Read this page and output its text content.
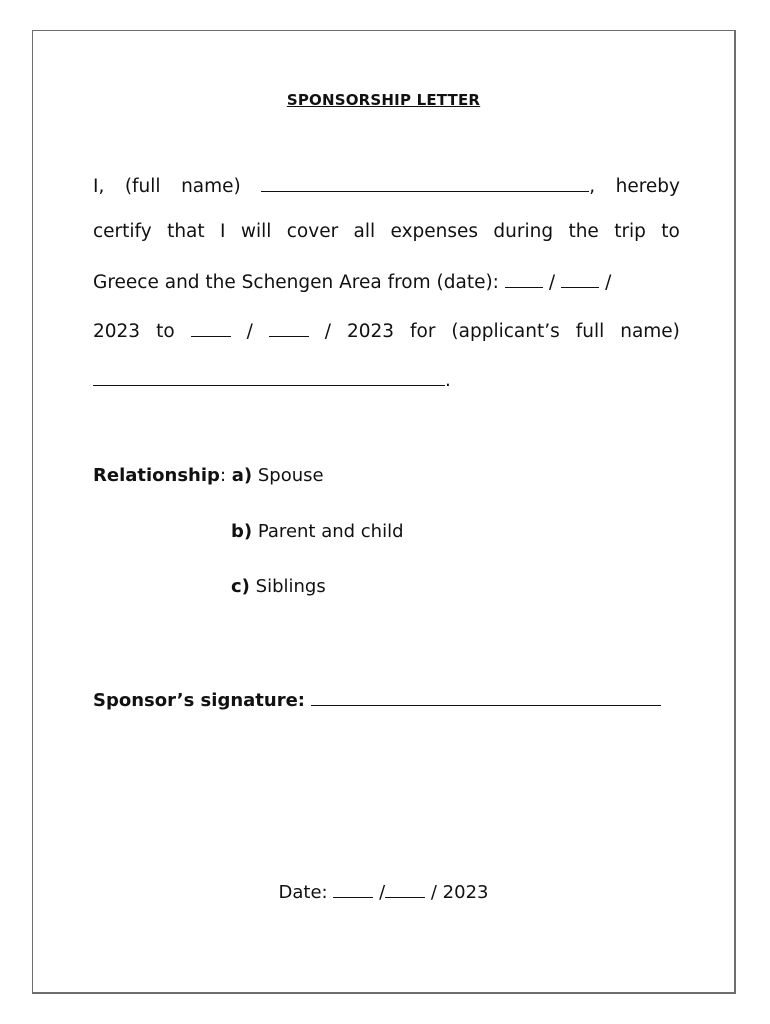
SPONSORSHIP LETTER
I, (full name)	, hereby
certify that I will cover all expenses during the trip to
Greece and the Schengen Area from (date):	/	/
2023 to	/	/ 2023 for (applicant’s full name)
.
Relationship: a) Spouse
b) Parent and child
c) Siblings
Sponsor’s signature:
Date:	/	/ 2023
